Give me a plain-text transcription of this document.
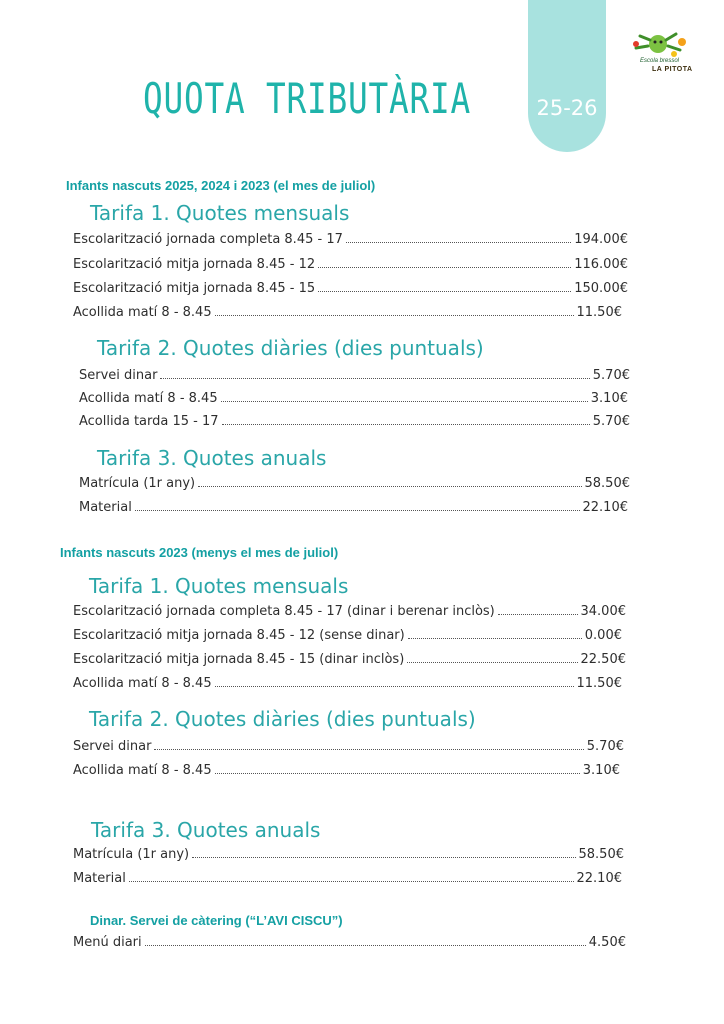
25-26
Escola bressol
LA PITOTA
QUOTA TRIBUTÀRIA
Infants nascuts 2025, 2024 i 2023 (el mes de juliol)
Tarifa 1. Quotes mensuals
Escolarització jornada completa 8.45 - 17	194.00€
Escolarització mitja jornada 8.45 - 12	116.00€
Escolarització mitja jornada 8.45 - 15	150.00€
Acollida matí 8 - 8.45	11.50€
Tarifa 2. Quotes diàries (dies puntuals)
Servei dinar	5.70€
Acollida matí 8 - 8.45	3.10€
Acollida tarda 15 - 17	5.70€
Tarifa 3. Quotes anuals
Matrícula (1r any)	58.50€
Material	22.10€
Infants nascuts 2023 (menys el mes de juliol)
Tarifa 1. Quotes mensuals
Escolarització jornada completa 8.45 - 17 (dinar i berenar inclòs)	34.00€
Escolarització mitja jornada 8.45 - 12 (sense dinar)	0.00€
Escolarització mitja jornada 8.45 - 15 (dinar inclòs)	22.50€
Acollida matí 8 - 8.45	11.50€
Tarifa 2. Quotes diàries (dies puntuals)
Servei dinar	5.70€
Acollida matí 8 - 8.45	3.10€
Tarifa 3. Quotes anuals
Matrícula (1r any)	58.50€
Material	22.10€
Dinar. Servei de càtering (“L’AVI CISCU”)
Menú diari	4.50€
